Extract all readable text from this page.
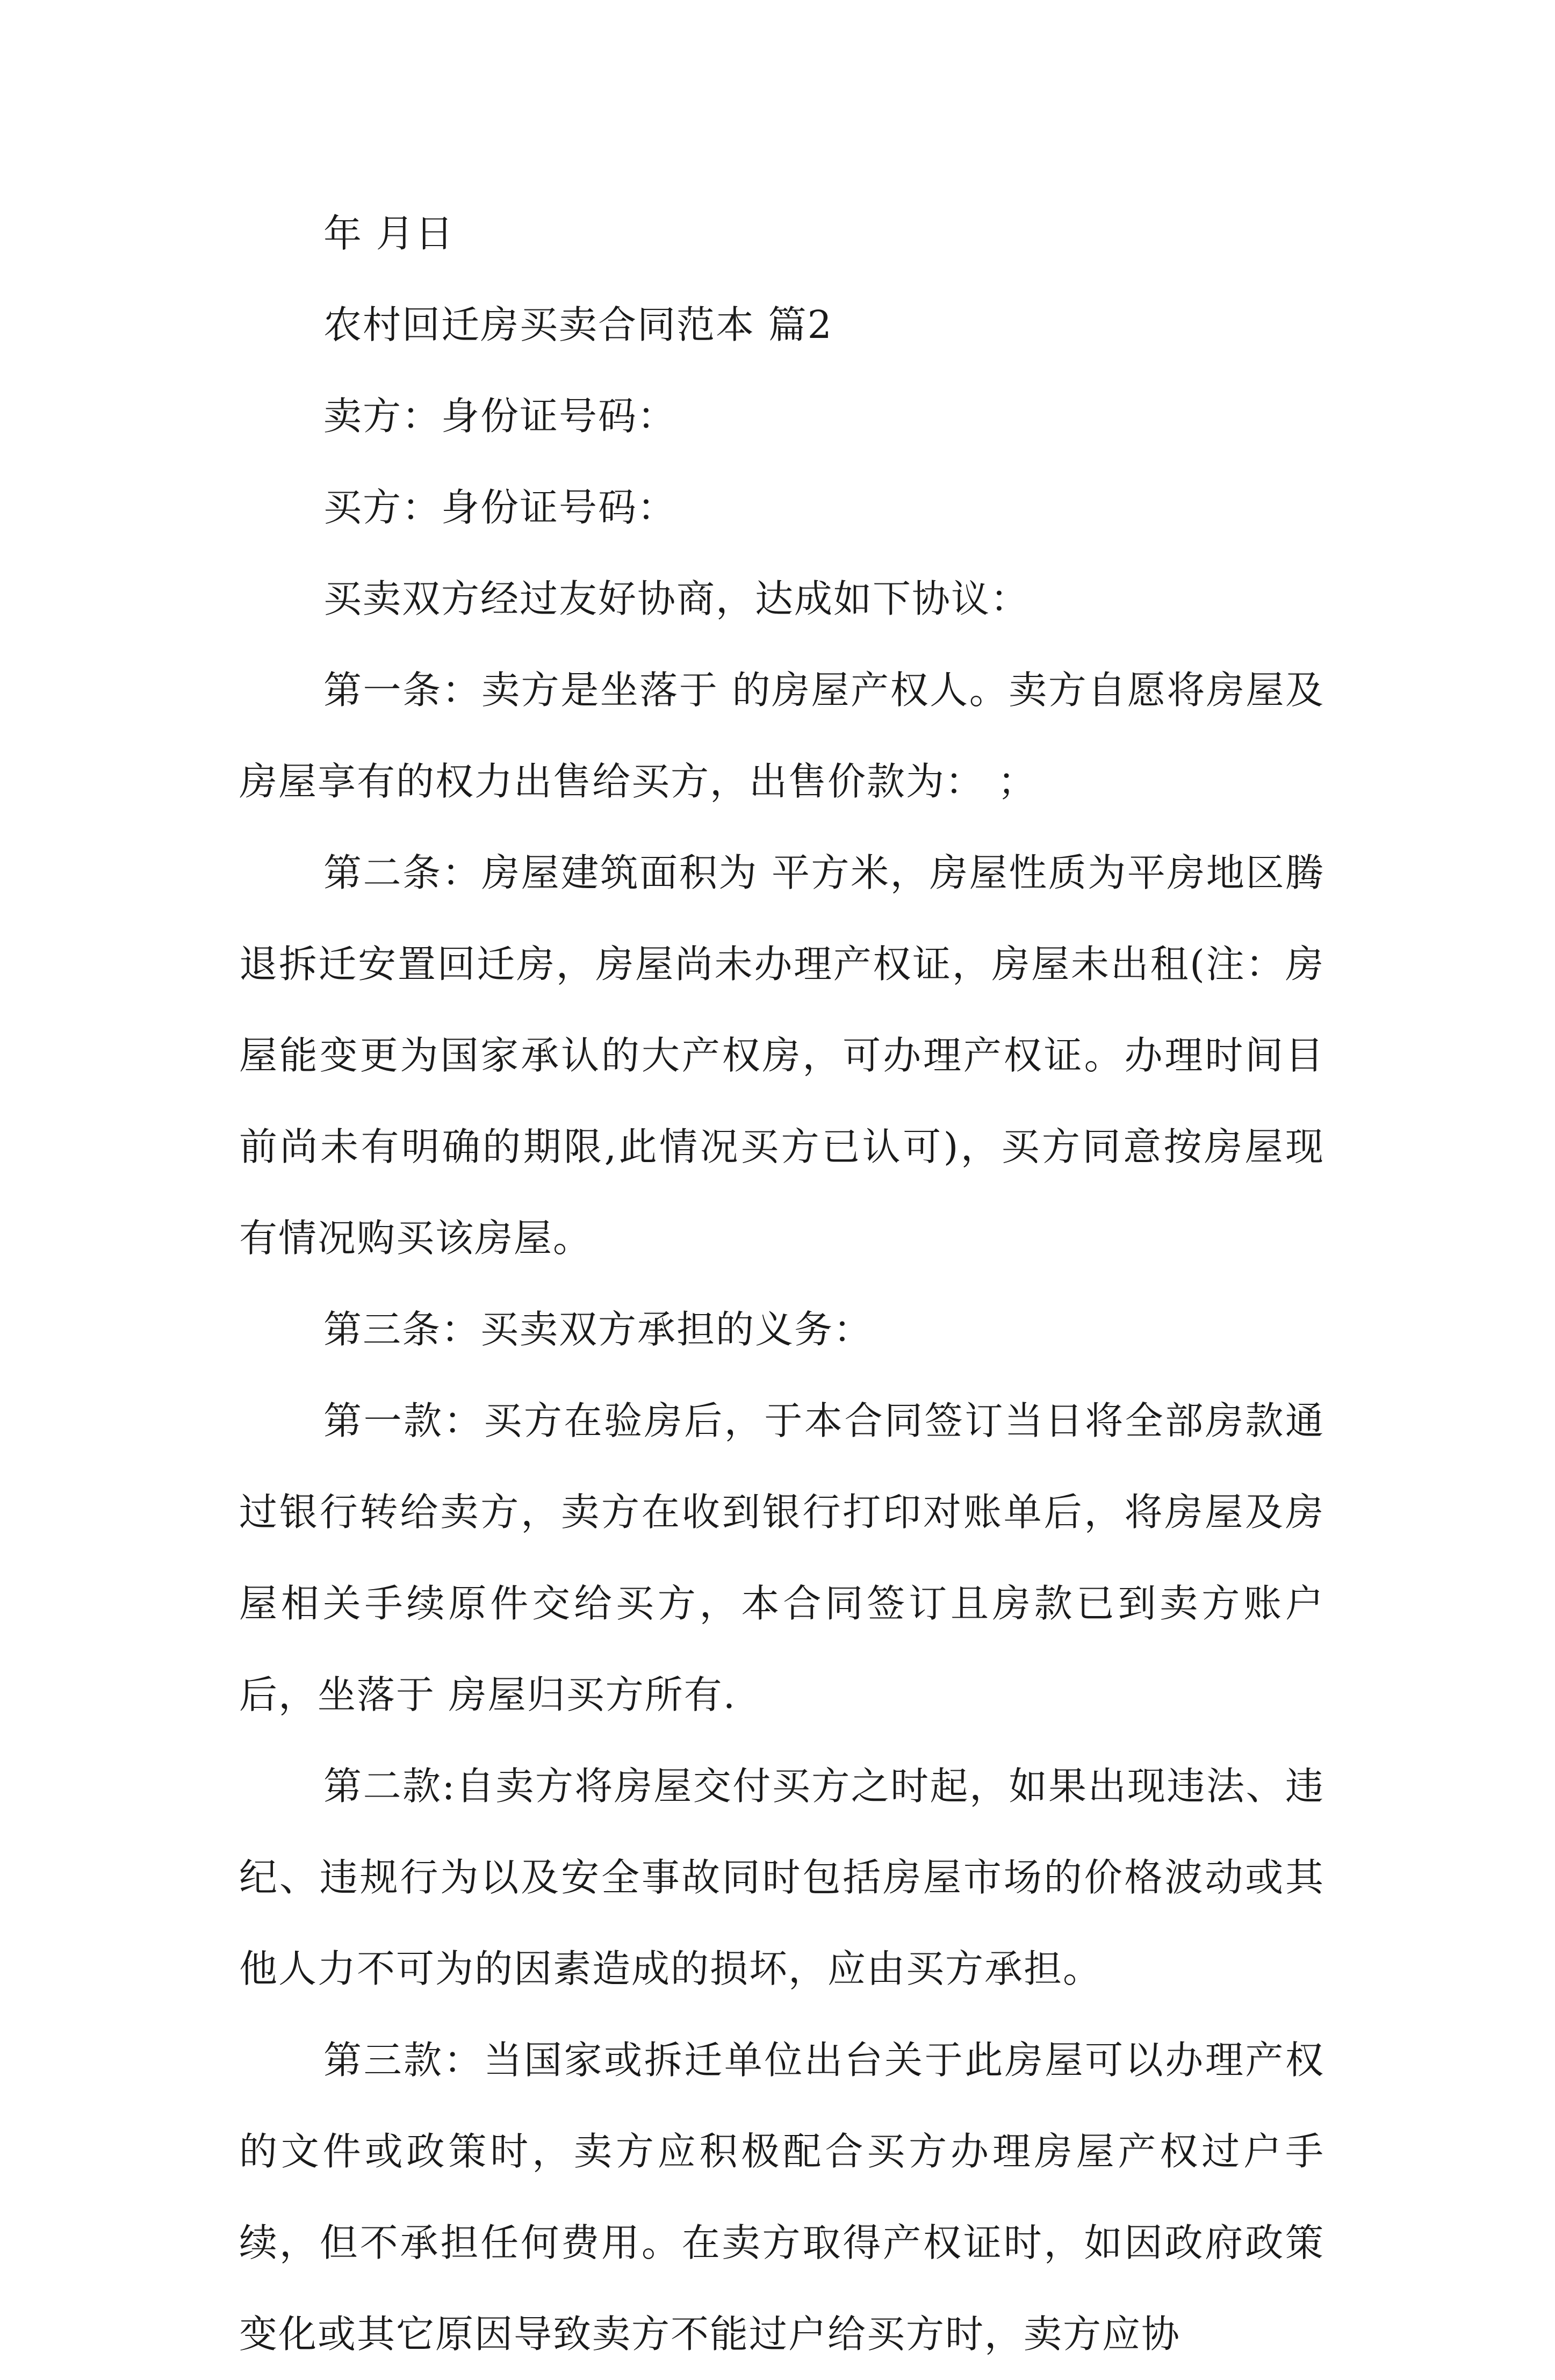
年 月日

农村回迁房买卖合同范本 篇2

卖方：身份证号码：

买方：身份证号码：

买卖双方经过友好协商，达成如下协议：

第一条：卖方是坐落于 的房屋产权人。卖方自愿将房屋及房屋享有的权力出售给买方，出售价款为： ；

第二条：房屋建筑面积为 平方米，房屋性质为平房地区腾退拆迁安置回迁房，房屋尚未办理产权证，房屋未出租(注：房屋能变更为国家承认的大产权房，可办理产权证。办理时间目前尚未有明确的期限,此情况买方已认可)，买方同意按房屋现有情况购买该房屋。

第三条：买卖双方承担的义务：

第一款：买方在验房后，于本合同签订当日将全部房款通过银行转给卖方，卖方在收到银行打印对账单后，将房屋及房屋相关手续原件交给买方，本合同签订且房款已到卖方账户后，坐落于 房屋归买方所有.

第二款:自卖方将房屋交付买方之时起，如果出现违法、违纪、违规行为以及安全事故同时包括房屋市场的价格波动或其他人力不可为的因素造成的损坏，应由买方承担。

第三款：当国家或拆迁单位出台关于此房屋可以办理产权的文件或政策时，卖方应积极配合买方办理房屋产权过户手续，但不承担任何费用。在卖方取得产权证时，如因政府政策变化或其它原因导致卖方不能过户给买方时，卖方应协
